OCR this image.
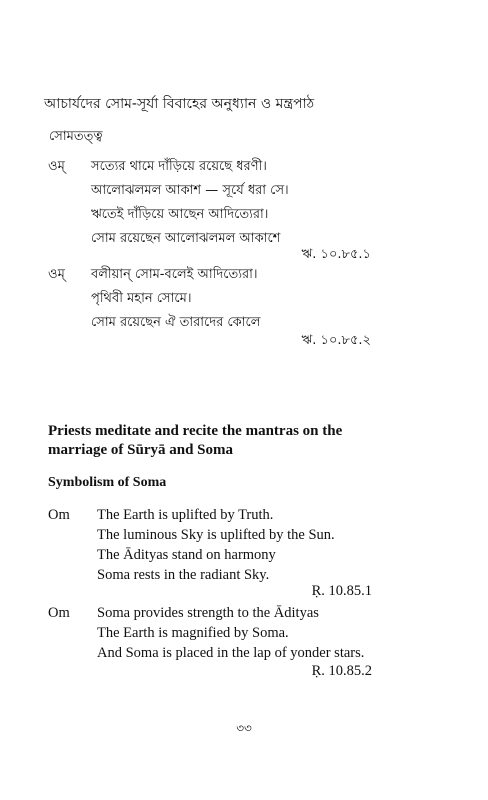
আচার্যদের সোম-সূর্যা বিবাহের অনুধ্যান ও মন্ত্রপাঠ
সোমতত্ত্ব
ওম্ সত্যের থামে দাঁড়িয়ে রয়েছে ধরণী।
আলোঝলমল আকাশ — সূর্যে ধরা সে।
ঋতেই দাঁড়িয়ে আছেন আদিত্যেরা।
সোম রয়েছেন আলোঝলমল আকাশে
ঋ. ১০.৮৫.১
ওম্ বলীয়ান্ সোম-বলেই আদিত্যেরা।
পৃথিবী মহান সোমে।
সোম রয়েছেন ঐ তারাদের কোলে
ঋ. ১০.৮৫.২
Priests meditate and recite the mantras on the
marriage of Sūryā and Soma
Symbolism of Soma
Om The Earth is uplifted by Truth.
The luminous Sky is uplifted by the Sun.
The Ādityas stand on harmony
Soma rests in the radiant Sky.
Ṛ. 10.85.1
Om Soma provides strength to the Ādityas
The Earth is magnified by Soma.
And Soma is placed in the lap of yonder stars.
Ṛ. 10.85.2
৩৩
